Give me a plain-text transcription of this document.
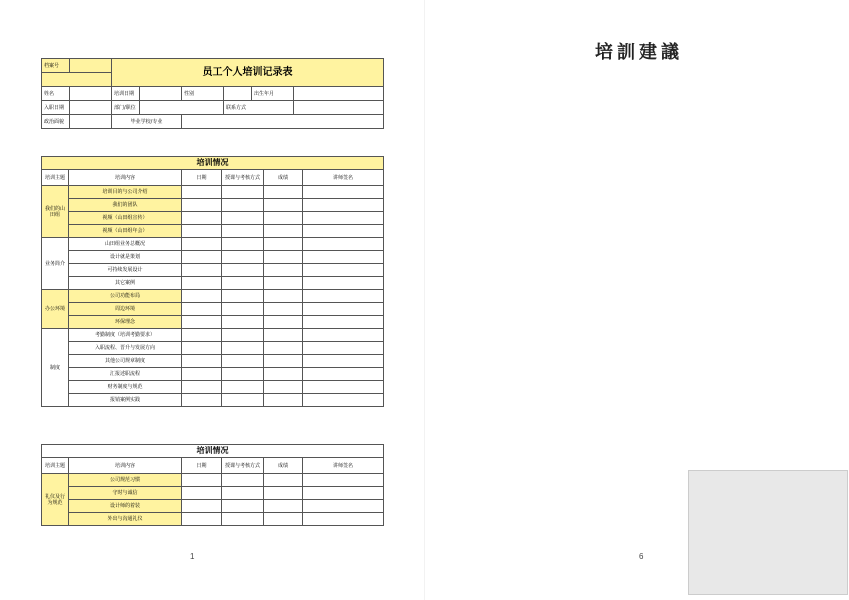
档案号		员工个人培训记录表					

姓名		培训日期		性别		出生年月	
入职日期		部门/职位			联系方式		
政治面貌		毕业学校/专业					
培训情况					
培训主题	培训内容	日期	授课与考核方式	成绩	讲师签名
我们的山田组	培训目的与公司介绍				
	我们的团队				
	视频（山田组宣传）				
	视频（山田组年会）				
业务简介	山田组业务总概况				
	设计就是策划				
	可持续发展设计				
	其它案例				
办公环境	公司功能布局				
	周边环境				
	环保理念				
制度	考勤制度（培训考勤要求）				
	入职流程、晋升与发展方向				
	其他公司规章制度				
	汇报述职流程				
	财务制度与规范				
	报销案例实践				
培训情况					
培训主题	培训内容	日期	授课与考核方式	成绩	讲师签名
礼仪及行为规范	公司规范习惯				
	守时与诚信				
	设计师的着装				
	外出与沟通礼仪				
1
培訓建議
6
